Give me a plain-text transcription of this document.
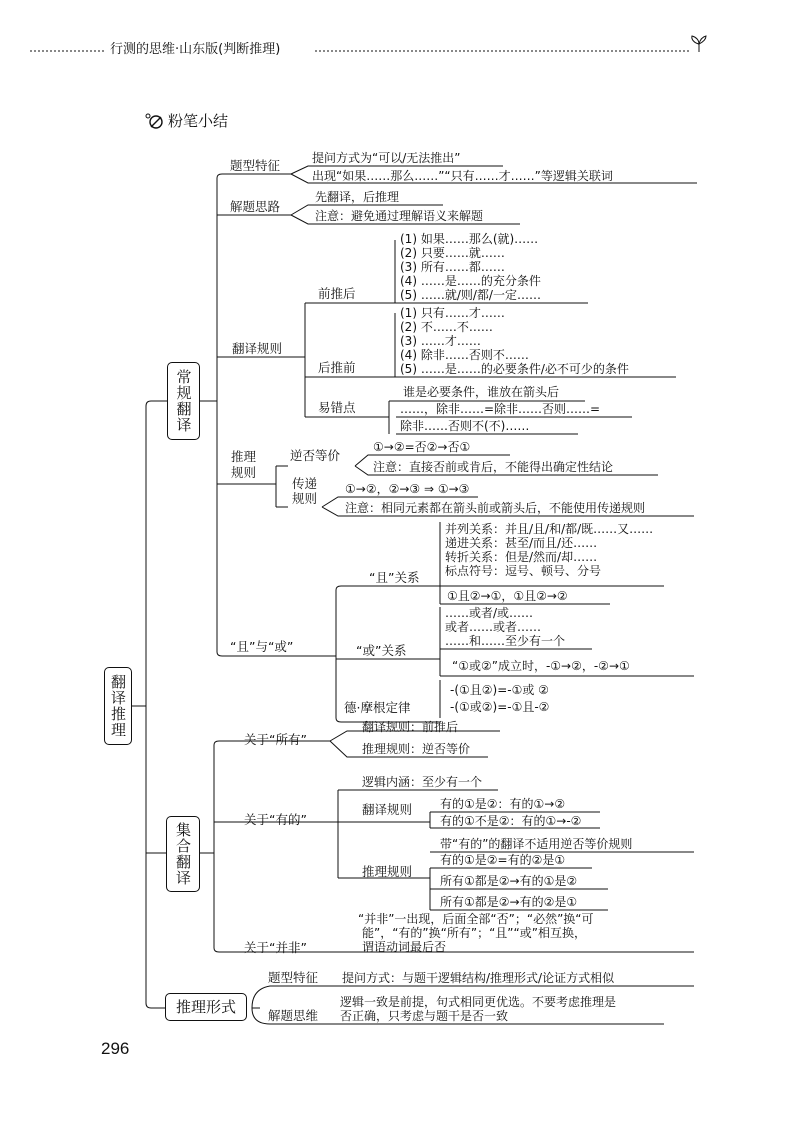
行测的思维·山东版(判断推理)
粉笔小结
翻译推理
常规翻译
集合翻译
推理形式
题型特征	提问方式为“可以/无法推出”
出现“如果……那么……”“只有……才……”等逻辑关联词
解题思路
先翻译，后推理
注意：避免通过理解语义来解题
翻译规则
前推后
(1) 如果……那么(就)……
(2) 只要……就……
(3) 所有……都……
(4) ……是……的充分条件
(5) ……就/则/都/一定……
后推前
(1) 只有……才……
(2) 不……不……
(3) ……才……
(4) 除非……否则不……
(5) ……是……的必要条件/必不可少的条件
易错点
谁是必要条件，谁放在箭头后
……，除非……=除非……否则……=
除非……否则不(不)……
推理规则
逆否等价
①→②=否②→否①
注意：直接否前或肯后，不能得出确定性结论
传递规则
①→②，②→③ ⇒ ①→③
注意：相同元素都在箭头前或箭头后，不能使用传递规则
“且”与“或”
“且”关系
并列关系：并且/且/和/都/既……又……
递进关系：甚至/而且/还……
转折关系：但是/然而/却……
标点符号：逗号、顿号、分号
①且②→①，①且②→②
“或”关系
……或者/或……
或者……或者……
……和……至少有一个
“①或②”成立时，-①→②，-②→①
德·摩根定律
-(①且②)=-①或 ②
-(①或②)=-①且-②
关于“所有”
翻译规则：前推后
推理规则：逆否等价
关于“有的”
逻辑内涵：至少有一个
翻译规则 有的①是②：有的①→②
有的①不是②：有的①→-②
带“有的”的翻译不适用逆否等价规则
推理规则
有的①是②=有的②是①
所有①都是②→有的①是②
所有①都是②→有的②是①
关于“并非”
“并非”一出现，后面全部“否”；“必然”换“可
能”，“有的”换“所有”；“且”“或”相互换，
谓语动词最后否
题型特征 提问方式：与题干逻辑结构/推理形式/论证方式相似
解题思维
逻辑一致是前提，句式相同更优选。不要考虑推理是
否正确，只考虑与题干是否一致
296
